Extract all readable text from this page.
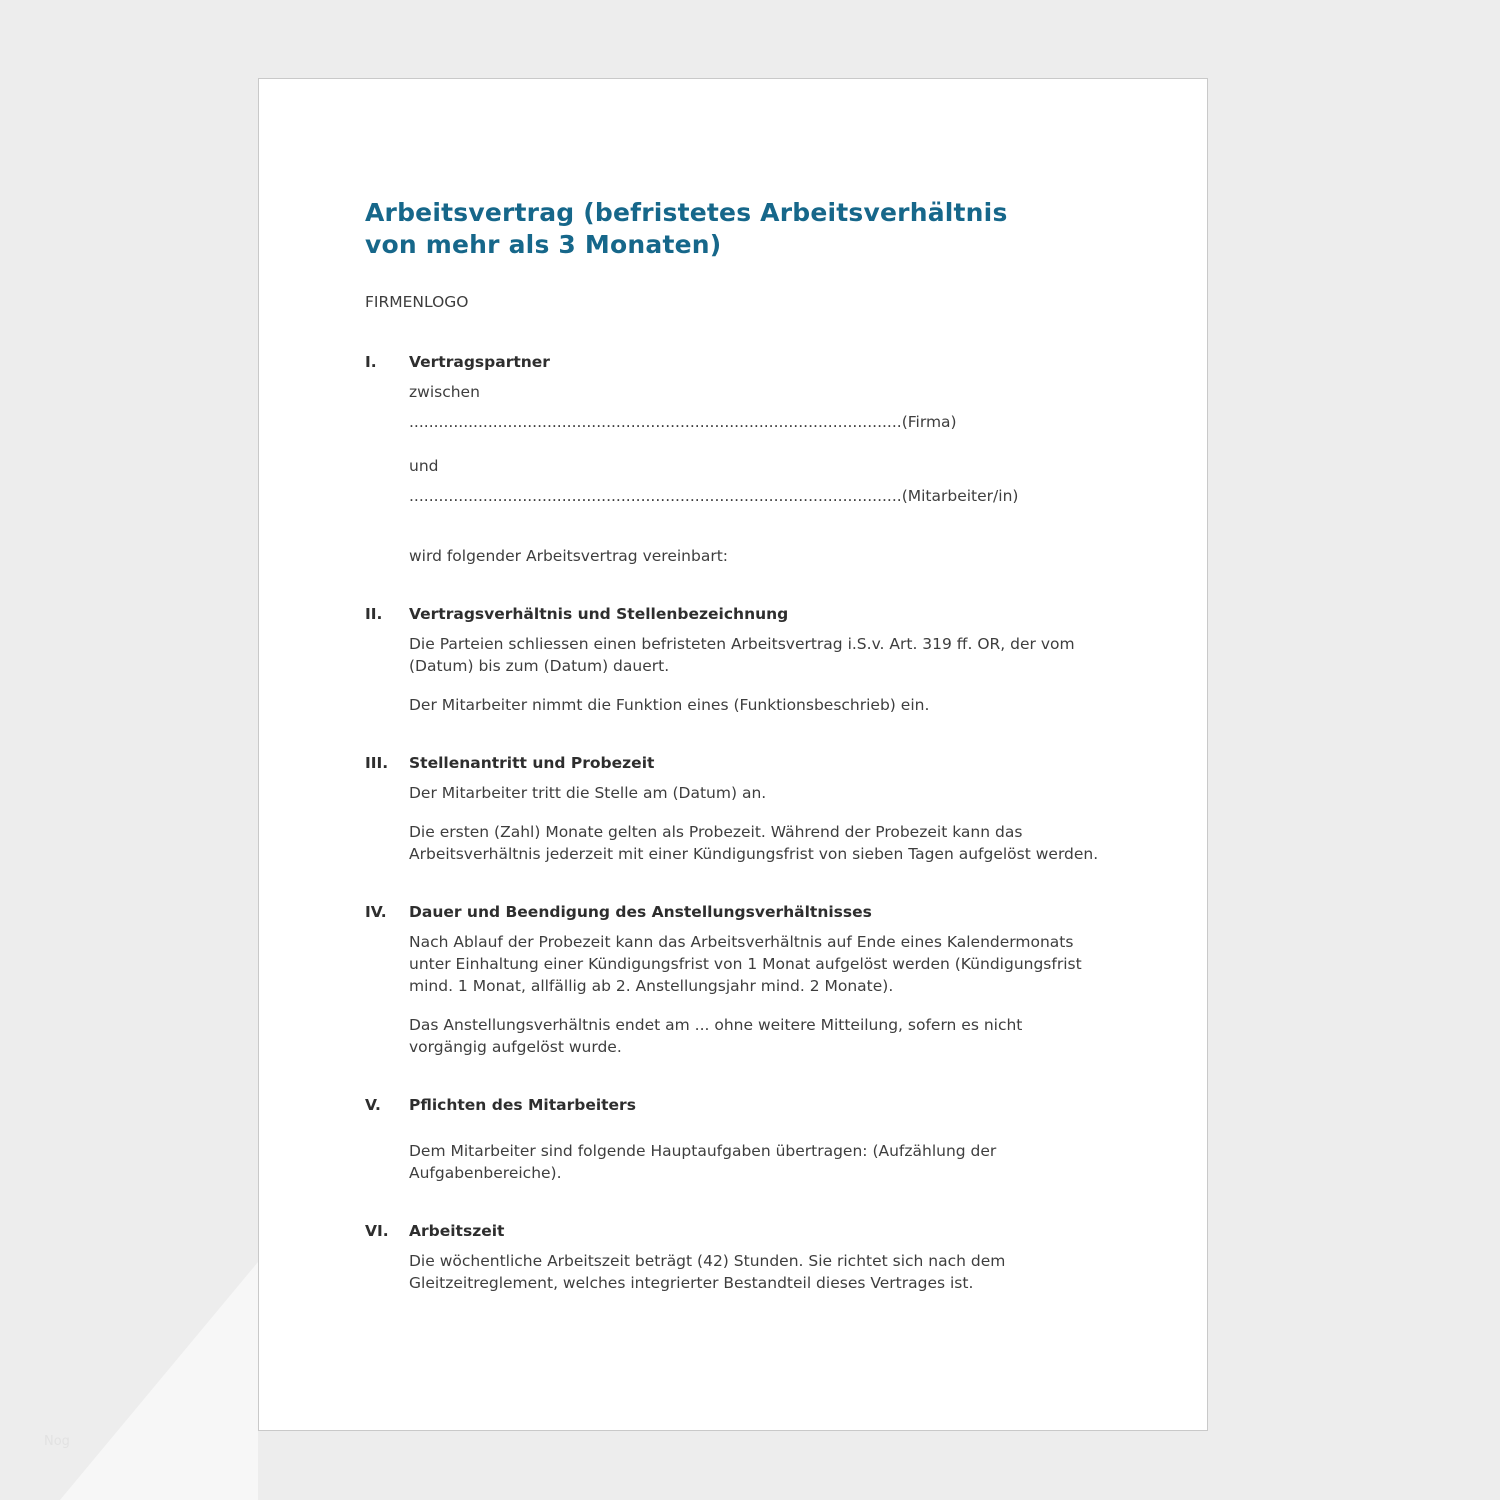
Arbeitsvertrag (befristetes Arbeitsverhältnis
von mehr als 3 Monaten)
FIRMENLOGO
I.	Vertragspartner

zwischen

....................................................................................................(Firma)

und

....................................................................................................(Mitarbeiter/in)

wird folgender Arbeitsvertrag vereinbart:

II.	Vertragsverhältnis und Stellenbezeichnung

Die Parteien schliessen einen befristeten Arbeitsvertrag i.S.v. Art. 319 ff. OR, der vom (Datum) bis zum (Datum) dauert.

Der Mitarbeiter nimmt die Funktion eines (Funktionsbeschrieb) ein.

III.	Stellenantritt und Probezeit

Der Mitarbeiter tritt die Stelle am (Datum) an.

Die ersten (Zahl) Monate gelten als Probezeit. Während der Probezeit kann das Arbeitsverhältnis jederzeit mit einer Kündigungsfrist von sieben Tagen aufgelöst werden.

IV.	Dauer und Beendigung des Anstellungsverhältnisses

Nach Ablauf der Probezeit kann das Arbeitsverhältnis auf Ende eines Kalendermonats unter Einhaltung einer Kündigungsfrist von 1 Monat aufgelöst werden (Kündigungsfrist mind. 1 Monat, allfällig ab 2. Anstellungsjahr mind. 2 Monate).

Das Anstellungsverhältnis endet am ... ohne weitere Mitteilung, sofern es nicht vorgängig aufgelöst wurde.

V.	Pflichten des Mitarbeiters

Dem Mitarbeiter sind folgende Hauptaufgaben übertragen: (Aufzählung der Aufgabenbereiche).

VI.	Arbeitszeit

Die wöchentliche Arbeitszeit beträgt (42) Stunden. Sie richtet sich nach dem Gleitzeitreglement, welches integrierter Bestandteil dieses Vertrages ist.

Nog
